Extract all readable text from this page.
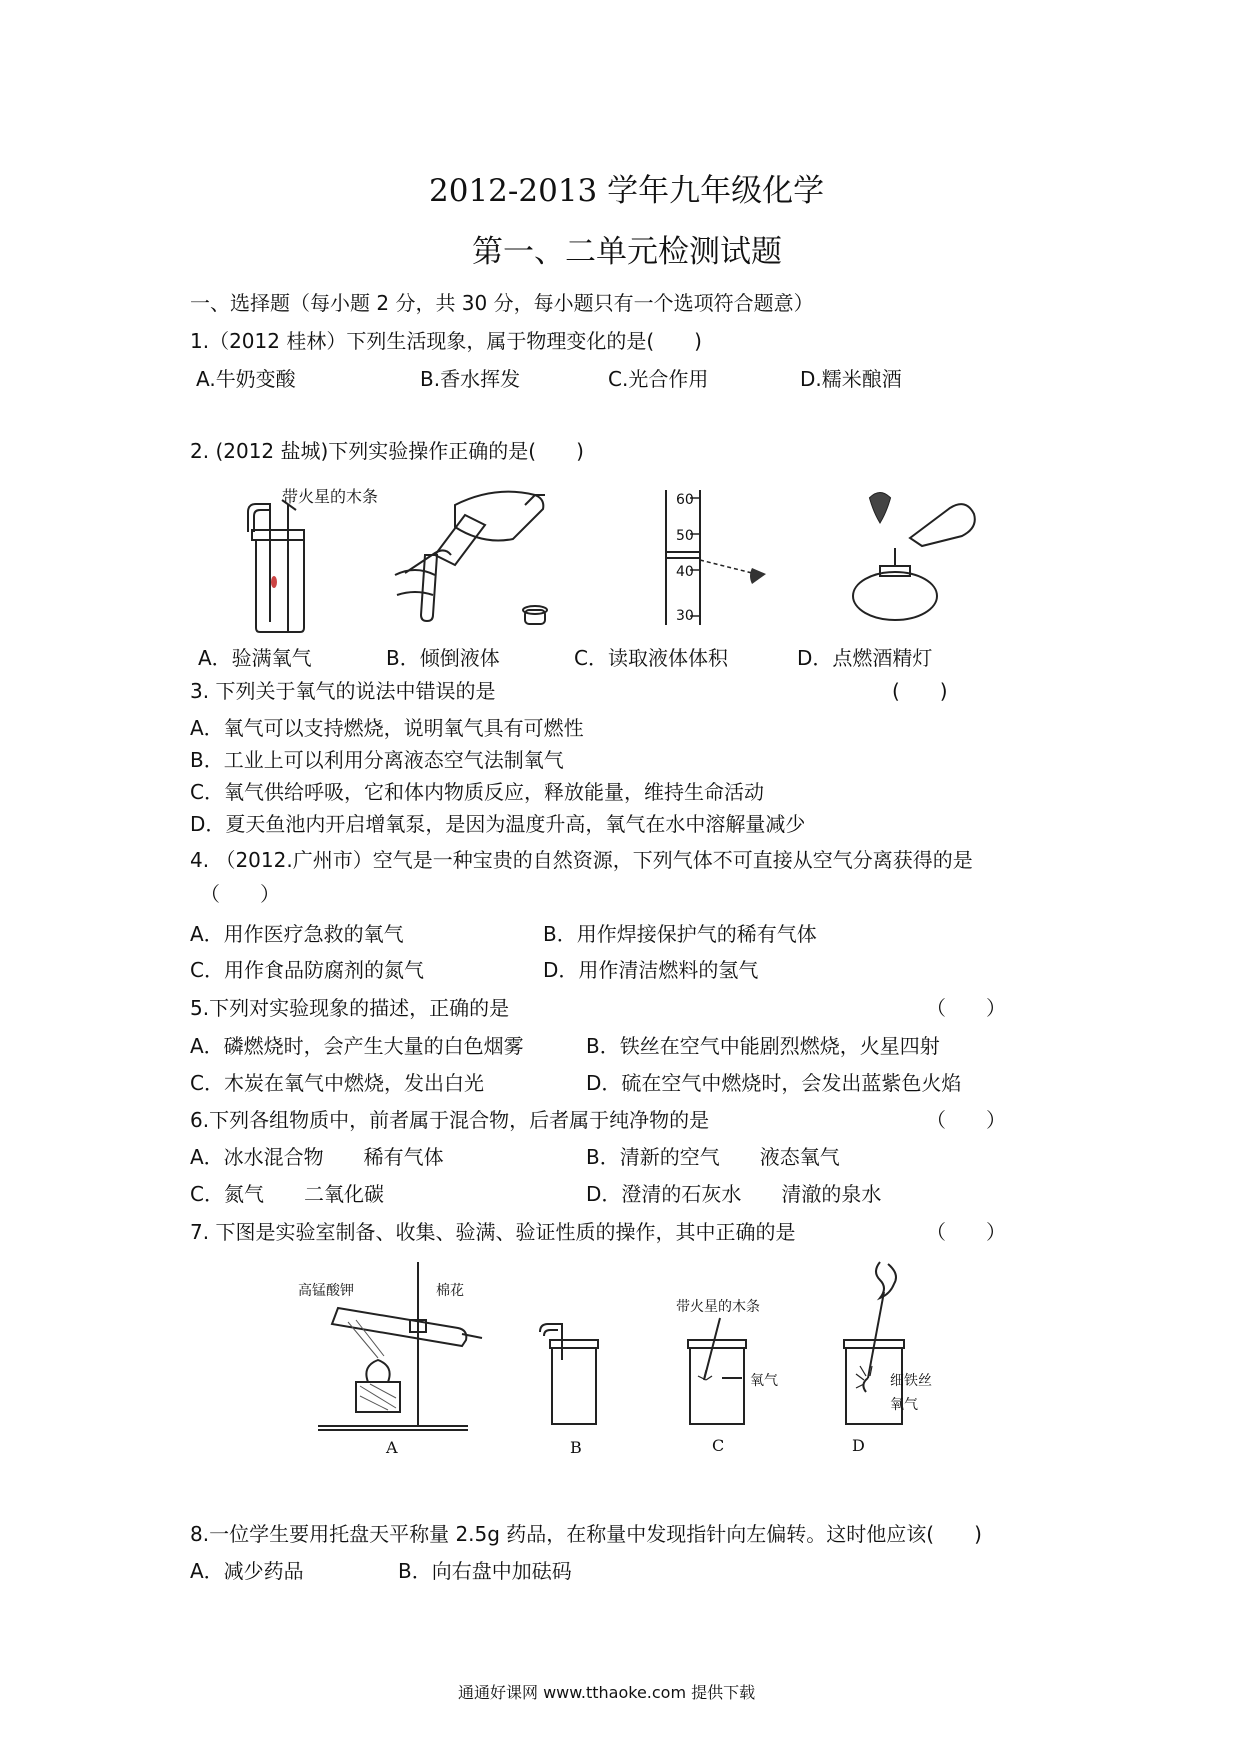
2012-2013 学年九年级化学
第一、二单元检测试题
一、选择题（每小题 2 分，共 30 分，每小题只有一个选项符合题意）
1.（2012 桂林）下列生活现象，属于物理变化的是(　　)
A.牛奶变酸	B.香水挥发	C.光合作用	D.糯米酿酒
2. (2012 盐城)下列实验操作正确的是(　　)
带火星的木条	60
50
40
30
A．验满氧气	B．倾倒液体	C．读取液体体积	D．点燃酒精灯
3. 下列关于氧气的说法中错误的是	(　　)
A．氧气可以支持燃烧，说明氧气具有可燃性
B．工业上可以利用分离液态空气法制氧气
C．氧气供给呼吸，它和体内物质反应，释放能量，维持生命活动
D．夏天鱼池内开启增氧泵，是因为温度升高，氧气在水中溶解量减少
4. （2012.广州市）空气是一种宝贵的自然资源，下列气体不可直接从空气分离获得的是
（　　）
A．用作医疗急救的氧气	B．用作焊接保护气的稀有气体
C．用作食品防腐剂的氮气	D．用作清洁燃料的氢气
5.下列对实验现象的描述，正确的是	（　　）
A．磷燃烧时，会产生大量的白色烟雾	B．铁丝在空气中能剧烈燃烧，火星四射
C．木炭在氧气中燃烧，发出白光	D．硫在空气中燃烧时，会发出蓝紫色火焰
6.下列各组物质中，前者属于混合物，后者属于纯净物的是	（　　）
A．冰水混合物　　稀有气体	B．清新的空气　　液态氧气
C．氮气　　二氧化碳	D．澄清的石灰水　　清澈的泉水
7. 下图是实验室制备、收集、验满、验证性质的操作，其中正确的是	（　　）
高锰酸钾	棉花
带火星的木条
氧气	细铁丝
氧气
A	B	C	D
8.一位学生要用托盘天平称量 2.5g 药品，在称量中发现指针向左偏转。这时他应该(　　)
A．减少药品	B．向右盘中加砝码
通通好课网 www.tthaoke.com 提供下载
